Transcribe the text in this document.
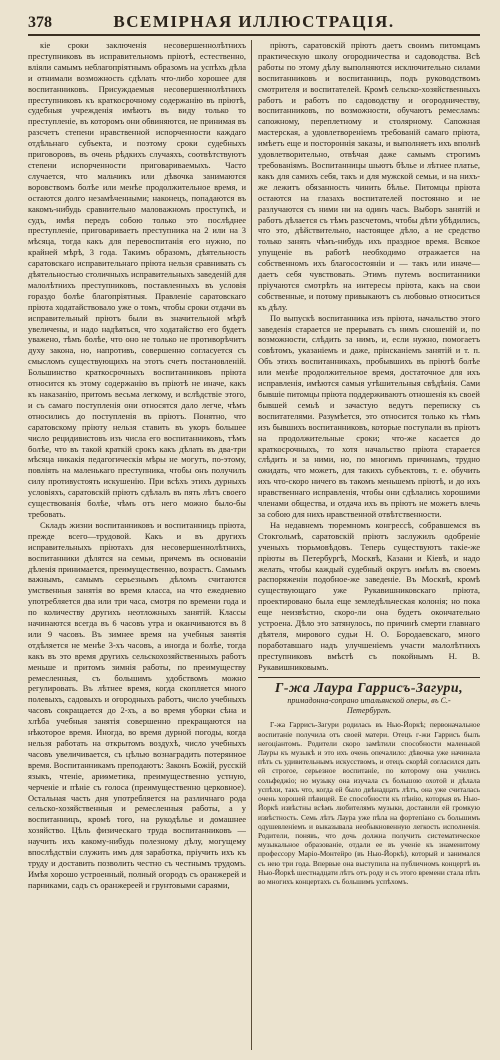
378	ВСЕМІРНАЯ ИЛЛЮСТРАЦІЯ.

кіе сроки заключенія несовершеннолѣтнихъ преступниковъ въ исправительномъ пріютѣ, естественно, вліяли самымъ неблагопріятнымъ образомъ на успѣхъ дѣла и отнимали возможность сдѣлать что-либо хорошее для воспитанниковъ. Присуждаемыя несовершеннолѣтнихъ преступниковъ къ краткосрочному содержанію въ пріютѣ, судебныя учрежденія имѣютъ въ виду только то преступленіе, въ которомъ они обвиняются, не принимая въ разсчетъ степени нравственной испорченности каждаго отдѣльнаго субъекта, и поэтому сроки судебныхъ приговоровъ, въ очень рѣдкихъ случаяхъ, соотвѣтствуютъ степени испорченности приговариваемыхъ. Часто случается, что мальчикъ или дѣвочка занимаются воровствомъ болѣе или менѣе продолжительное время, и остаются долго незамѣченными; наконецъ, попадаются въ какомъ-нибудь сравнительно маловажномъ проступкѣ, и судъ, имѣя передъ собою только это послѣднее преступленіе, приговариваетъ преступника на 2 или на 3 мѣсяца, тогда какъ для перевоспитанія его нужно, по крайней мѣрѣ, 3 года. Такимъ образомъ, дѣятельность саратовскаго исправительнаго пріюта нельзя сравнивать съ дѣятельностью столичныхъ исправительныхъ заведеній для малолѣтнихъ преступниковъ, поставленныхъ въ условія гораздо болѣе благопріятныя. Правленіе саратовскаго пріюта ходатайствовало уже о томъ, чтобы сроки отдачи въ исправительный пріютъ были въ значительной мѣрѣ увеличены, и надо надѣяться, что ходатайство его будетъ уважено, тѣмъ болѣе, что оно не только не противорѣчитъ духу закона, но, напротивъ, совершенно согласуется съ смысломъ существующихъ на этотъ счетъ постановленій. Большинство краткосрочныхъ воспитанниковъ пріюта относится къ этому содержанію въ пріютѣ не иначе, какъ къ наказанію, притомъ весьма легкому, и вслѣдствіе этого, и съ самаго поступленія они относятся дало легче, чѣмъ относились до поступленія въ пріютъ. Понятно, что саратовскому пріюту нельзя ставить въ укоръ большее число рецидивистовъ изъ числа его воспитанниковъ, тѣмъ болѣе, что въ такой краткій срокъ какъ дѣлать въ два-три мѣсяца никакія педагогическія мѣры не могутъ, по-этому, повліять на маленькаго преступника, чтобы онъ получилъ силу противустоять искушенію. При всѣхъ этихъ дурныхъ условіяхъ, саратовскій пріютъ сдѣлалъ въ пять лѣтъ своего существованія болѣе, чѣмъ отъ него можно было-бы требовать.

Складъ жизни воспитанниковъ и воспитанницъ пріюта, прежде всего—трудовой. Какъ и въ другихъ исправительныхъ пріютахъ для несовершеннолѣтнихъ, воспитанники дѣлятся на семьи, причемъ въ основаніи дѣленія принимается, преимущественно, возрастъ. Самымъ важнымъ, самымъ серьезнымъ дѣломъ считаются умственныя занятія во время класса, на что ежедневно употребляется два или три часа, смотря по времени года и по количеству другихъ неотложныхъ занятій. Классы начинаются всегда въ 6 часовъ утра и оканчиваются въ 8 или 9 часовъ. Въ зимнее время на учебныя занятія отдѣляется не менѣе 3-хъ часовъ, а иногда и болѣе, тогда какъ въ это время другихъ сельскохозяйственныхъ работъ меньше и притомъ зимнія работы, по преимуществу ремесленныя, съ большимъ удобствомъ можно регулировать. Въ лѣтнее время, когда скопляется много полевыхъ, садовыхъ и огородныхъ работъ, число учебныхъ часовъ сокращается до 2-хъ, а во время уборки сѣна и хлѣба учебныя занятія совершенно прекращаются на нѣкоторое время. Иногда, во время дурной погоды, когда нельзя работать на открытомъ воздухѣ, число учебныхъ часовъ увеличивается, съ цѣлью вознаградить потерянное время. Воспитанникамъ преподаютъ: Законъ Божій, русскій языкъ, чтеніе, ариѳметика, преимущественно устную, черченіе и пѣніе съ голоса (преимущественно церковное). Остальная часть дня употребляется на различнаго рода сельско-хозяйственныя и ремесленныя работы, а у воспитанницъ, кромѣ того, на рукодѣлье и домашнее хозяйство. Цѣль физическаго труда воспитанниковъ — научить ихъ какому-нибудь полезному дѣлу, могущему впослѣдствіи служить имъ для заработка, пріучить ихъ къ труду и доставить позволить честно съ честнымъ трудомъ. Имѣя хорошо устроенный, полный огородъ съ оранжерей и парниками, садъ съ оранжереей и грунтовыми сараями,

пріютъ, саратовскій пріютъ даетъ своимъ питомцамъ практическую школу огородничества и садоводства. Всѣ работы по этому дѣлу выполняются исключительно силами воспитанниковъ и воспитанницъ, подъ руководствомъ смотрителя и воспитателей. Кромѣ сельско-хозяйственныхъ работъ и работъ по садоводству и огородничеству, воспитанниковъ, по возможности, обучаютъ ремесламъ: сапожному, переплетному и столярному. Сапожная мастерская, а удовлетвореніемъ требованій самаго пріюта, имѣетъ еще и постороннія заказы, и выполняетъ ихъ вполнѣ удовлетворительно, отвѣчая даже самымъ строгимъ требованіямъ. Воспитанницы шьютъ бѣлье и лѣтнее платье, какъ для самихъ себя, такъ и для мужской семьи, и на нихъ-же лежитъ обязанность чинить бѣлье. Питомцы пріюта остаются на глазахъ воспитателей постоянно и не разлучаются съ ними ни на одинъ часъ. Выборъ занятій и работъ дѣлается съ тѣмъ разсчетомъ, чтобы дѣти убѣдились, что это, дѣйствительно, настоящее дѣло, а не средство только занять чѣмъ-нибудь ихъ праздное время. Всякое упущеніе въ работѣ необходимо отражается на собственномъ ихъ благосостояніи и — такъ или иначе—даетъ себя чувствовать. Этимъ путемъ воспитанники пріучаются смотрѣть на интересы пріюта, какъ на свои собственные, и потому привыкаютъ съ любовью относиться къ дѣлу.

По выпускѣ воспитанника изъ пріюта, начальство этого заведенія старается не прерывать съ нимъ сношеній и, по возможности, слѣдить за нимъ, и, если нужно, помогаетъ совѣтомъ, указаніемъ и даже, прінсканіемъ занятій и т. п. Объ этихъ воспитанникахъ, пробывшихъ въ пріютѣ болѣе или менѣе продолжительное время, достаточное для ихъ исправленія, имѣются самыя утѣшительныя свѣдѣнія. Сами бывшіе питомцы пріюта поддерживаютъ отношенія къ своей бывшей семьѣ и зачастую ведутъ переписку съ воспитателями. Разумѣется, это относится только къ тѣмъ изъ бывшихъ воспитанниковъ, которые поступали въ пріютъ на продолжительные сроки; что-же касается до краткосрочныхъ, то хотя начальство пріюта старается слѣдить и за ними, но, по многимъ причинамъ, трудно ожидать, что можетъ, для такихъ субъектовъ, т. е. обучить ихъ что-скоро ничего въ такомъ меньшемъ пріютѣ, и до ихъ нравственнаго исправленія, чтобы они сдѣлались хорошими членами общества, и отдача ихъ въ пріютъ не можетъ влечь за собою для нихъ нравственной отвѣтственности.

На недавнемъ тюремномъ конгрессѣ, собравшемся въ Стокгольмѣ, саратовскій пріютъ заслужилъ одобреніе ученыхъ тюрьмовѣдовъ. Теперь существуютъ такіе-же пріюты въ Петербургѣ, Москвѣ, Казани и Кіевѣ, и надо желать, чтобы каждый судебный округъ имѣлъ въ своемъ распоряженіи подобное-же заведеніе. Въ Москвѣ, кромѣ существующаго уже Рукавишниковскаго пріюта, проектировано была еще земледѣльческая колонія; но пока еще неизвѣстно, скоро-ли она будетъ окончательно устроена. Дѣло это затянулось, по причинѣ смерти главнаго дѣятеля, мирового судьи Н. О. Бородаевскаго, много поработавшаго надъ улучшеніемъ участи малолѣтнихъ преступниковъ вмѣстѣ съ покойнымъ Н. В. Рукавишниковымъ.

Г-жа Лаура Гаррисъ-Загури,
примадонна-сопрано итальянской оперы, въ С.-Петербургѣ.

Г-жа Гаррисъ-Загури родилась въ Нью-Йоркѣ; первоначальное воспитаніе получила отъ своей матери. Отецъ г-жи Гаррисъ былъ негоціантомъ. Родители скоро замѣтили способности маленькой Лауры къ музыкѣ и это ихъ очень опечалило: дѣвочка уже начинала пѣть съ удивительнымъ искусствомъ, и отецъ скорѣй согласился дать ей строгое, серьезное воспитаніе, по которому она учились сольфеджіо; но музыку она изучала съ большою охотой и дѣлала успѣхи, такъ что, когда ей было двѣнадцать лѣтъ, она уже считалась очень хорошей пѣвицей. Ее способности къ пѣнію, которыя въ Нью-Йоркѣ извѣстны всѣмъ любителямъ музыки, доставили ей громкую извѣстность. Семь лѣтъ Лаура уже пѣла на фортепіано съ большимъ одушевленіемъ и выказывала необыкновенную легкость исполненія. Родители, понявъ, что дочь должна получить систематическое музыкальное образованіе, отдали ее въ ученіе къ знаменитому профессору Маріо-Монтейро (въ Нью-Йоркѣ), который и занимался съ нею три года. Впервые она выступила на публичномъ концертѣ въ Нью-Йоркѣ шестнадцати лѣтъ отъ роду и съ этого времени стала пѣть во многихъ концертахъ съ большимъ успѣхомъ.
